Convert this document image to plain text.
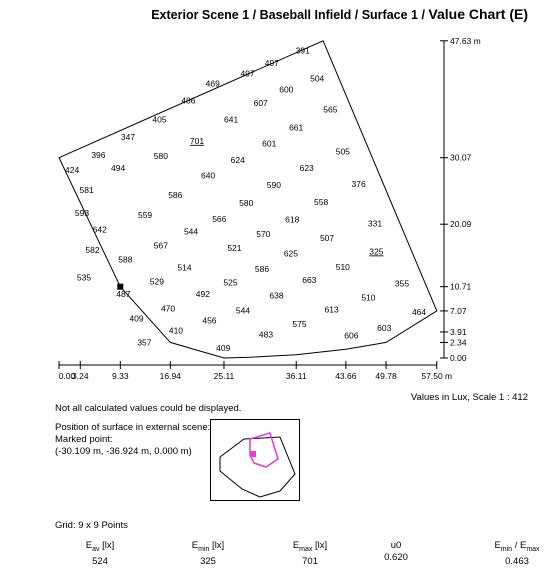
Exterior Scene 1 / Baseball Infield / Surface 1 / Value Chart (E)
424
396
347
405
486
469
497
497
391
581
593
494
580
701
641
607
600
504
642
582
559
586
640
624
661
601
565
535
588
567
544
566
580
590
623
505
487
529
514
521
570
618
558
376
409
470
492
525
586
625
507
331
357
410
456
544
638
663
510
325
409
483
575
613
510
355
606
603
464
0.00
3.24	9.33	16.94	25.11	36.11	43.66 49.78	57.50 m
0.00
2.34
3.91
7.07
10.71
20.09
30.07
47.63 m
Not all calculated values could be displayed.
Values in Lux, Scale 1 : 412
Position of surface in external scene:
Marked point:
(-30.109 m, -36.924 m, 0.000 m)
Grid: 9 x 9 Points
$E_{av}$ [lx]
524
$E_{min}$ [lx]
325
$E_{max}$ [lx]
701
u0
0.620
$E_{min} / E_{max}$
0.463
